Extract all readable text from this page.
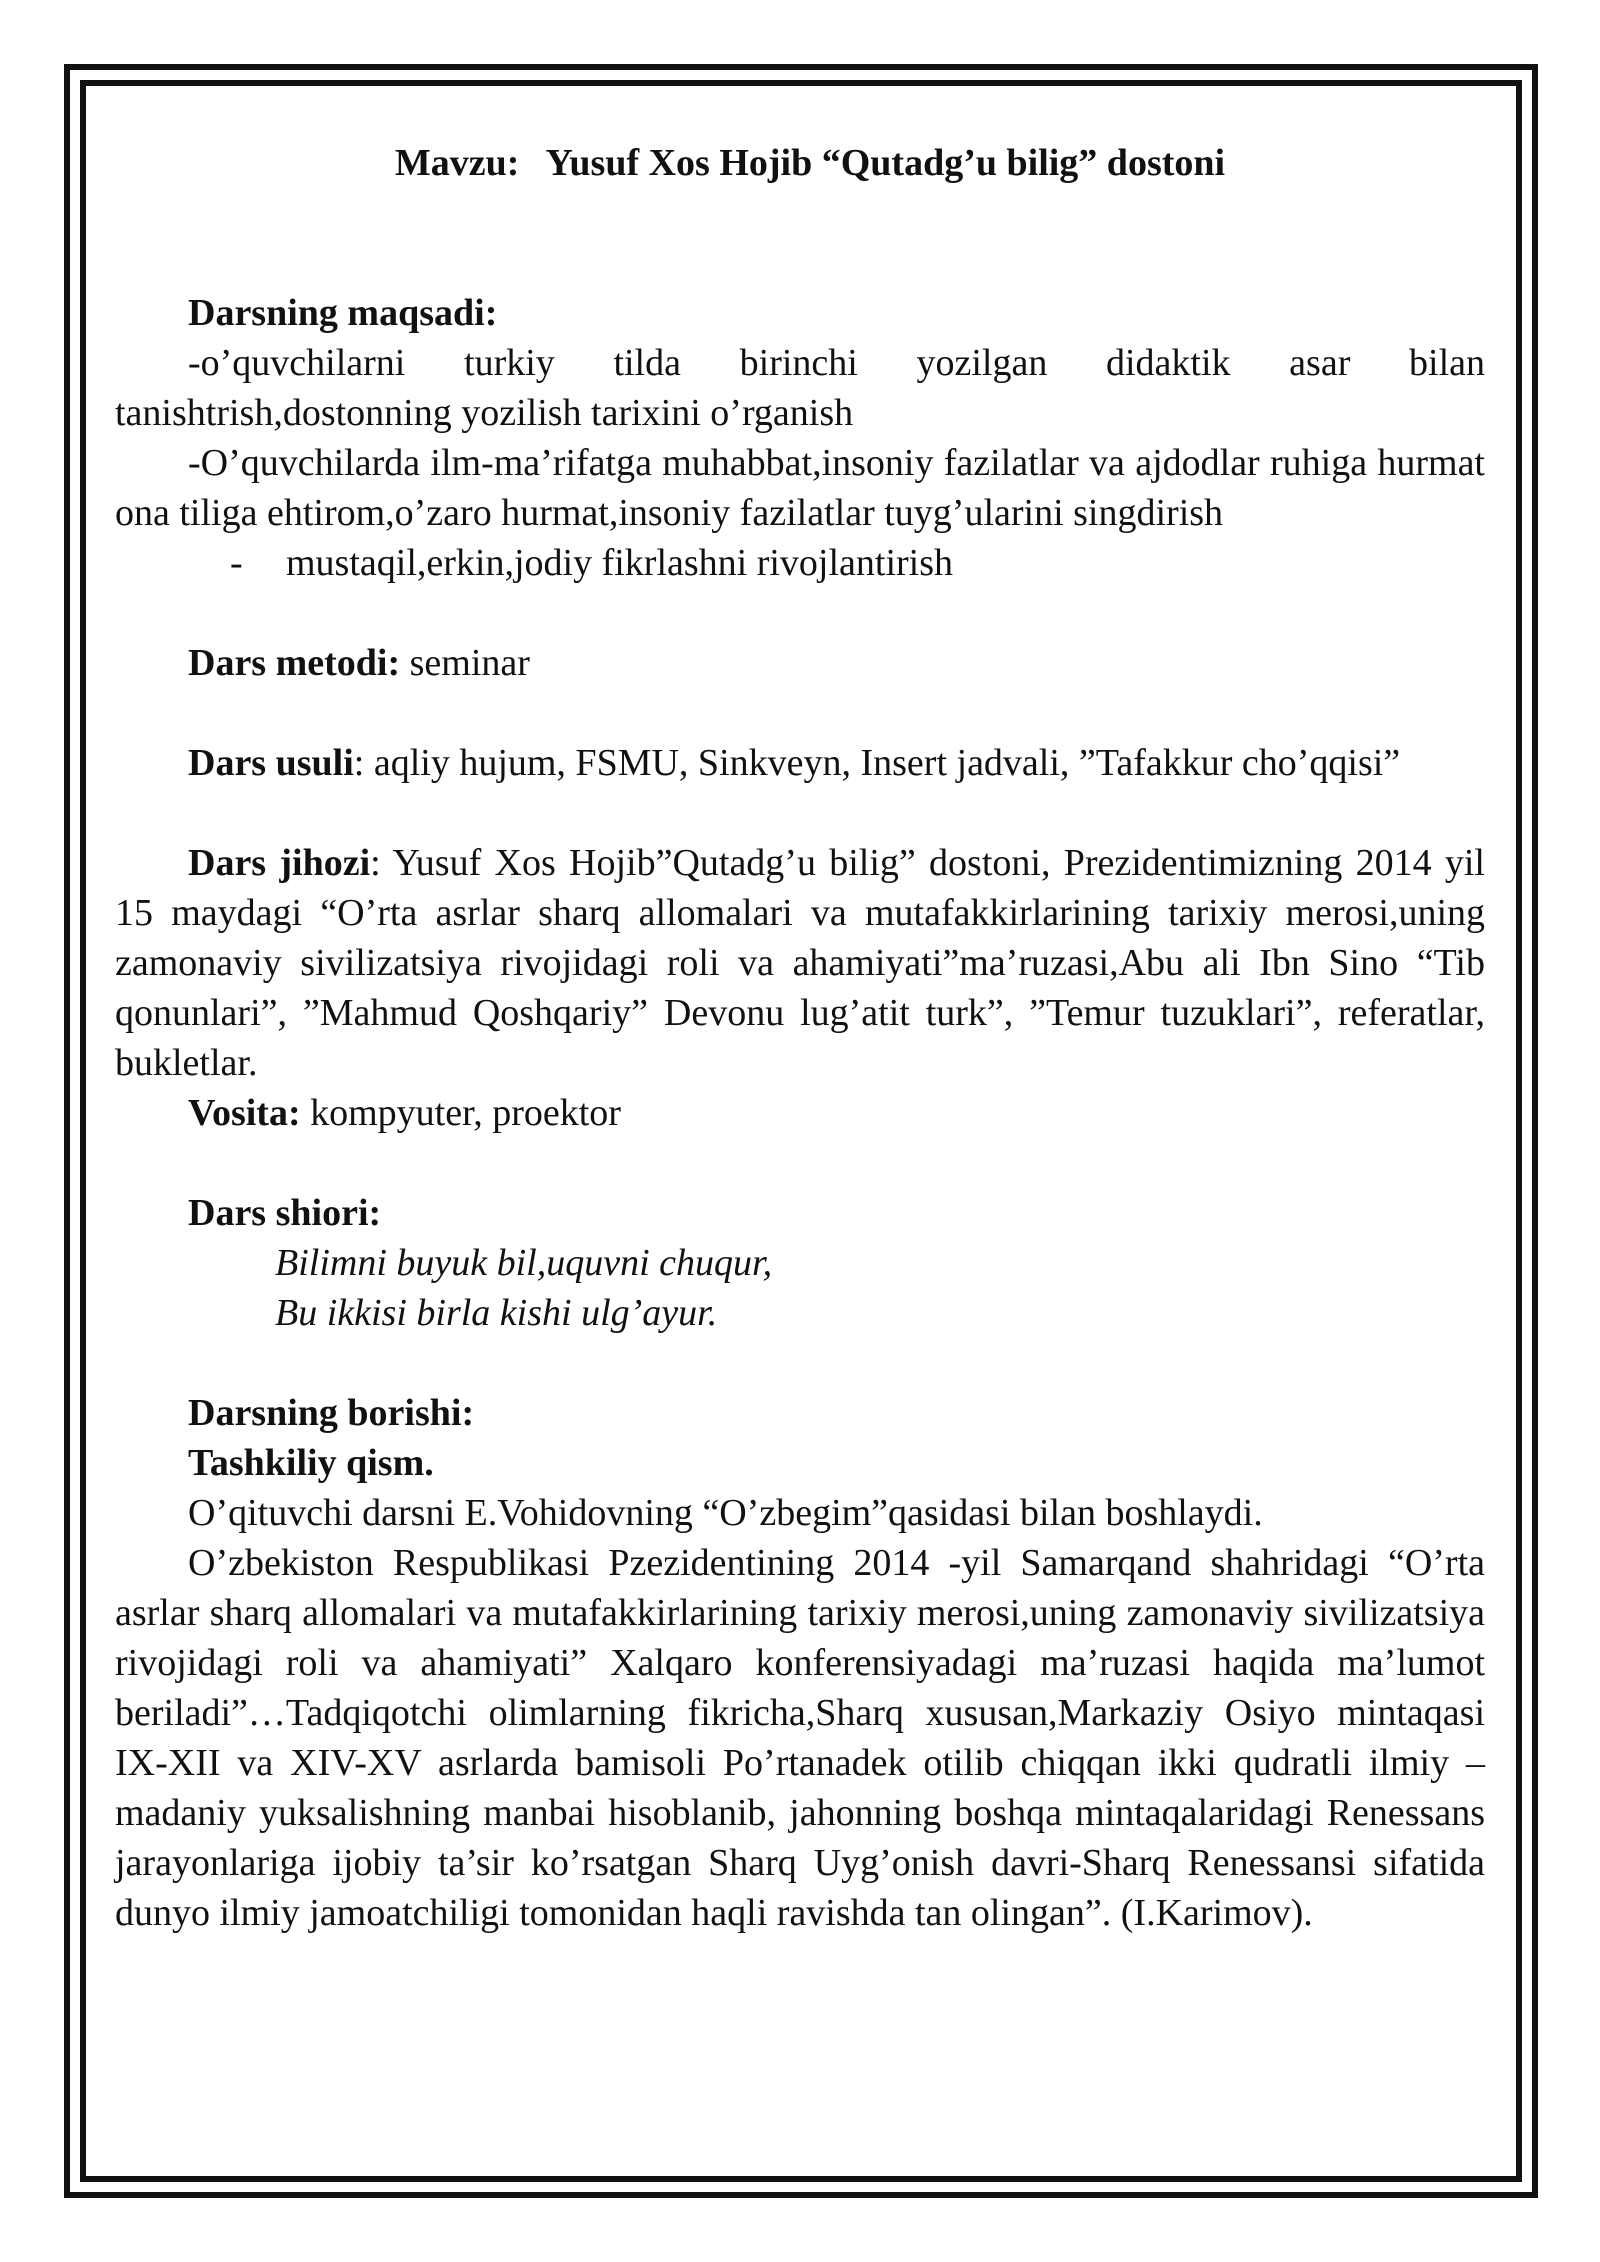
Mavzu: Yusuf Xos Hojib “Qutadg’u bilig” dostoni

Darsning maqsadi:

-o’quvchilarni turkiy tilda birinchi yozilgan didaktik asar bilan tanishtrish,dostonning yozilish tarixini o’rganish

-O’quvchilarda ilm-ma’rifatga muhabbat,insoniy fazilatlar va ajdodlar ruhiga hurmat ona tiliga ehtirom,o’zaro hurmat,insoniy fazilatlar tuyg’ularini singdirish

- mustaqil,erkin,jodiy fikrlashni rivojlantirish

Dars metodi: seminar

Dars usuli: aqliy hujum, FSMU, Sinkveyn, Insert jadvali, ”Tafakkur cho’qqisi”

Dars jihozi: Yusuf Xos Hojib”Qutadg’u bilig” dostoni, Prezidentimizning 2014 yil 15 maydagi “O’rta asrlar sharq allomalari va mutafakkirlarining tarixiy merosi,uning zamonaviy sivilizatsiya rivojidagi roli va ahamiyati”ma’ruzasi,Abu ali Ibn Sino “Tib qonunlari”, ”Mahmud Qoshqariy” Devonu lug’atit turk”, ”Temur tuzuklari”, referatlar, bukletlar.

Vosita: kompyuter, proektor

Dars shiori:

Bilimni buyuk bil,uquvni chuqur,

Bu ikkisi birla kishi ulg’ayur.

Darsning borishi:

Tashkiliy qism.

O’qituvchi darsni E.Vohidovning “O’zbegim”qasidasi bilan boshlaydi.

O’zbekiston Respublikasi Pzezidentining 2014 -yil Samarqand shahridagi “O’rta asrlar sharq allomalari va mutafakkirlarining tarixiy merosi,uning zamonaviy sivilizatsiya rivojidagi roli va ahamiyati” Xalqaro konferensiyadagi ma’ruzasi haqida ma’lumot beriladi”…Tadqiqotchi olimlarning fikricha,Sharq xususan,Markaziy Osiyo mintaqasi IX-XII va XIV-XV asrlarda bamisoli Po’rtanadek otilib chiqqan ikki qudratli ilmiy –madaniy yuksalishning manbai hisoblanib, jahonning boshqa mintaqalaridagi Renessans jarayonlariga ijobiy ta’sir ko’rsatgan Sharq Uyg’onish davri-Sharq Renessansi sifatida dunyo ilmiy jamoatchiligi tomonidan haqli ravishda tan olingan”. (I.Karimov).
